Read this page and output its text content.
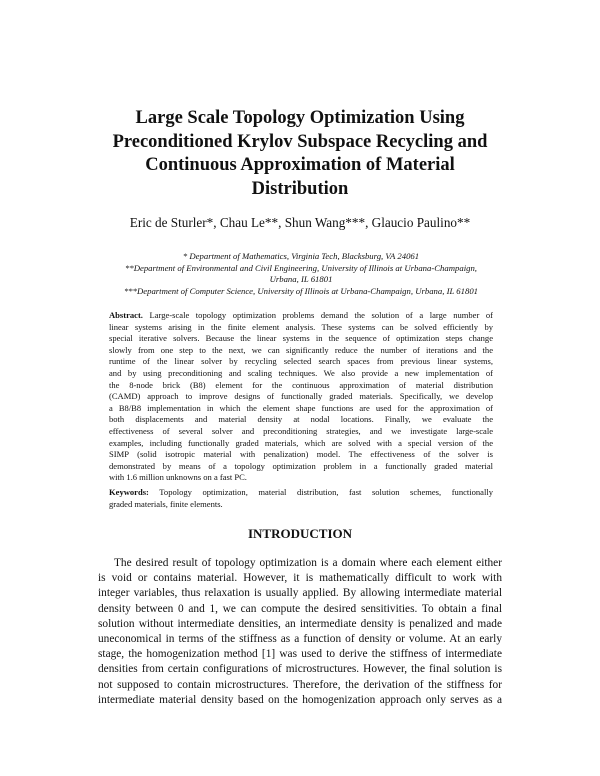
Large Scale Topology Optimization Using
Preconditioned Krylov Subspace Recycling and
Continuous Approximation of Material
Distribution
Eric de Sturler*, Chau Le**, Shun Wang***, Glaucio Paulino**
* Department of Mathematics, Virginia Tech, Blacksburg, VA 24061
**Department of Environmental and Civil Engineering, University of Illinois at Urbana-Champaign,
Urbana, IL 61801
***Department of Computer Science, University of Illinois at Urbana-Champaign, Urbana, IL 61801
Abstract. Large-scale topology optimization problems demand the solution of a large number of
linear systems arising in the finite element analysis. These systems can be solved efficiently by
special iterative solvers. Because the linear systems in the sequence of optimization steps change
slowly from one step to the next, we can significantly reduce the number of iterations and the
runtime of the linear solver by recycling selected search spaces from previous linear systems,
and by using preconditioning and scaling techniques. We also provide a new implementation of
the 8-node brick (B8) element for the continuous approximation of material distribution
(CAMD) approach to improve designs of functionally graded materials. Specifically, we develop
a B8/B8 implementation in which the element shape functions are used for the approximation of
both displacements and material density at nodal locations. Finally, we evaluate the
effectiveness of several solver and preconditioning strategies, and we investigate large-scale
examples, including functionally graded materials, which are solved with a special version of the
SIMP (solid isotropic material with penalization) model. The effectiveness of the solver is
demonstrated by means of a topology optimization problem in a functionally graded material
with 1.6 million unknowns on a fast PC.
Keywords: Topology optimization, material distribution, fast solution schemes, functionally
graded materials, finite elements.
INTRODUCTION
The desired result of topology optimization is a domain where each element either
is void or contains material. However, it is mathematically difficult to work with
integer variables, thus relaxation is usually applied. By allowing intermediate material
density between 0 and 1, we can compute the desired sensitivities. To obtain a final
solution without intermediate densities, an intermediate density is penalized and made
uneconomical in terms of the stiffness as a function of density or volume. At an early
stage, the homogenization method [1] was used to derive the stiffness of intermediate
densities from certain configurations of microstructures. However, the final solution is
not supposed to contain microstructures. Therefore, the derivation of the stiffness for
intermediate material density based on the homogenization approach only serves as a
